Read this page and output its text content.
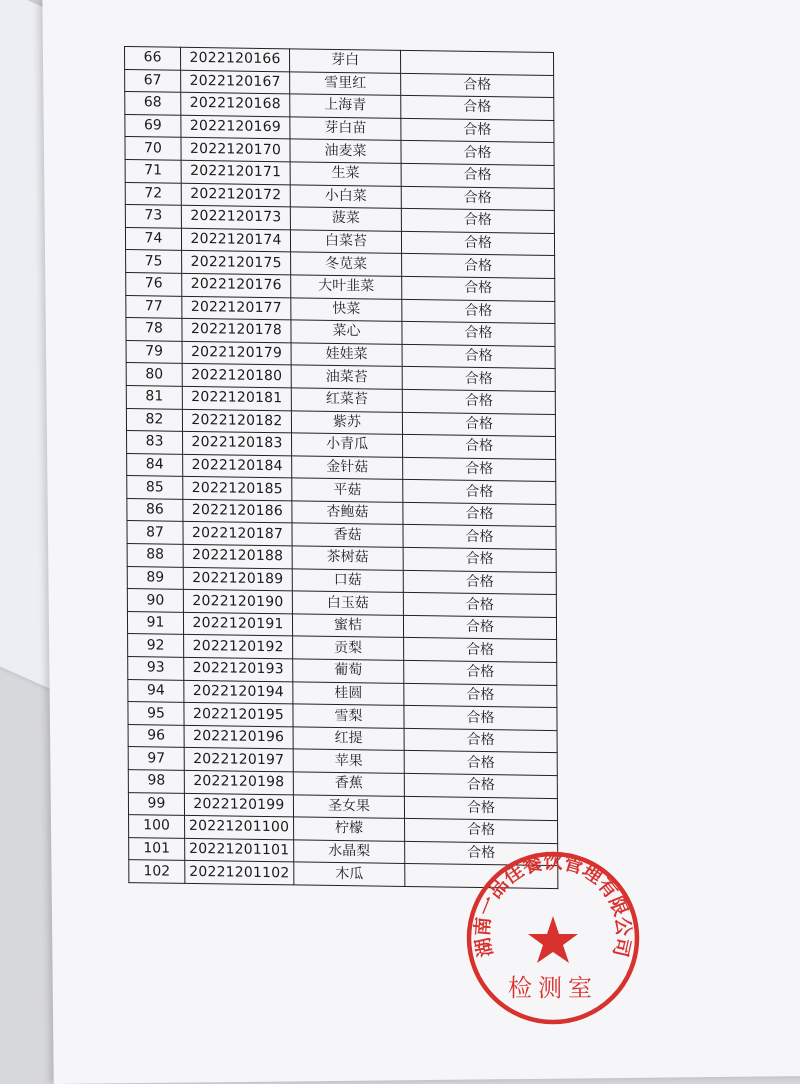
66	2022120166	芽白	
67	2022120167	雪里红	合格
68	2022120168	上海青	合格
69	2022120169	芽白苗	合格
70	2022120170	油麦菜	合格
71	2022120171	生菜	合格
72	2022120172	小白菜	合格
73	2022120173	菠菜	合格
74	2022120174	白菜苔	合格
75	2022120175	冬苋菜	合格
76	2022120176	大叶韭菜	合格
77	2022120177	快菜	合格
78	2022120178	菜心	合格
79	2022120179	娃娃菜	合格
80	2022120180	油菜苔	合格
81	2022120181	红菜苔	合格
82	2022120182	紫苏	合格
83	2022120183	小青瓜	合格
84	2022120184	金针菇	合格
85	2022120185	平菇	合格
86	2022120186	杏鲍菇	合格
87	2022120187	香菇	合格
88	2022120188	茶树菇	合格
89	2022120189	口菇	合格
90	2022120190	白玉菇	合格
91	2022120191	蜜桔	合格
92	2022120192	贡梨	合格
93	2022120193	葡萄	合格
94	2022120194	桂圆	合格
95	2022120195	雪梨	合格
96	2022120196	红提	合格
97	2022120197	苹果	合格
98	2022120198	香蕉	合格
99	2022120199	圣女果	合格
100	20221201100	柠檬	合格
101	20221201101	水晶梨	合格
102	20221201102	木瓜	
湖南一品佳餐饮管理有限公司
检测室
